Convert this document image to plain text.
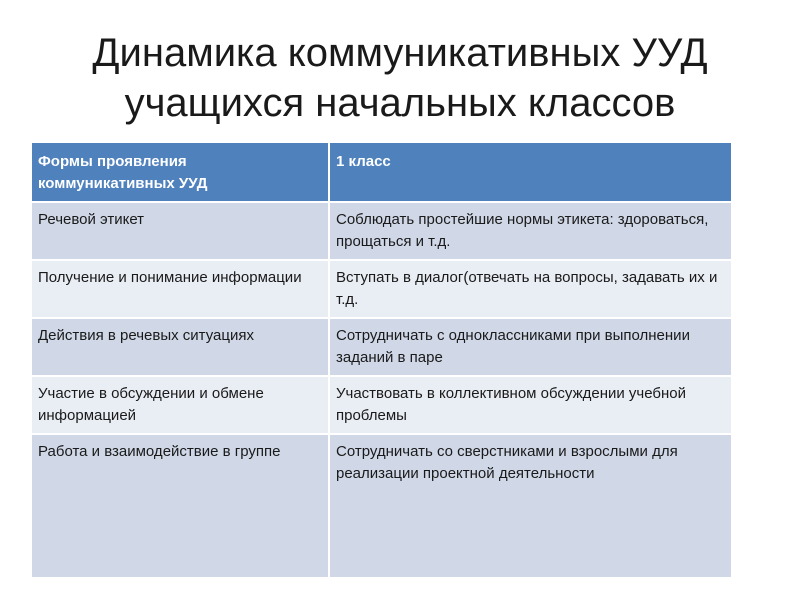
Динамика коммуникативных УУД
учащихся начальных классов
Формы проявления коммуникативных УУД	1 класс
Речевой этикет	Соблюдать простейшие нормы этикета: здороваться, прощаться и т.д.
Получение и понимание информации	Вступать в диалог(отвечать на вопросы, задавать их и т.д.
Действия в речевых ситуациях	Сотрудничать с одноклассниками при выполнении заданий в паре
Участие в обсуждении и обмене информацией	Участвовать в коллективном обсуждении учебной проблемы
Работа и взаимодействие в группе	Сотрудничать со сверстниками и взрослыми для реализации проектной деятельности
